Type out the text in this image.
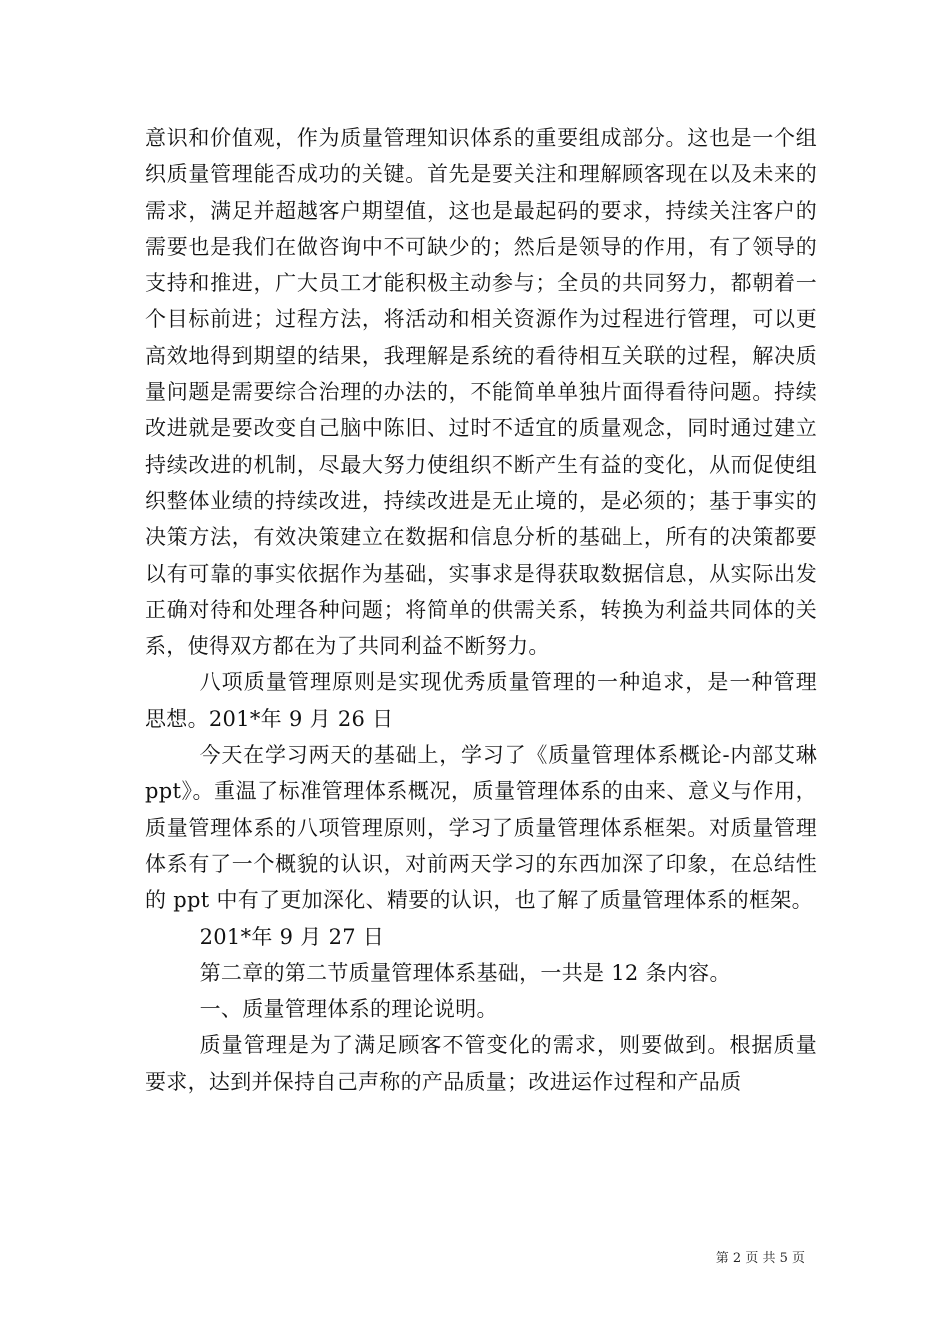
意识和价值观，作为质量管理知识体系的重要组成部分。这也是一个组织质量管理能否成功的关键。首先是要关注和理解顾客现在以及未来的需求，满足并超越客户期望值，这也是最起码的要求，持续关注客户的需要也是我们在做咨询中不可缺少的；然后是领导的作用，有了领导的支持和推进，广大员工才能积极主动参与；全员的共同努力，都朝着一个目标前进；过程方法，将活动和相关资源作为过程进行管理，可以更高效地得到期望的结果，我理解是系统的看待相互关联的过程，解决质量问题是需要综合治理的办法的，不能简单单独片面得看待问题。持续改进就是要改变自己脑中陈旧、过时不适宜的质量观念，同时通过建立持续改进的机制，尽最大努力使组织不断产生有益的变化，从而促使组织整体业绩的持续改进，持续改进是无止境的，是必须的；基于事实的决策方法，有效决策建立在数据和信息分析的基础上，所有的决策都要以有可靠的事实依据作为基础，实事求是得获取数据信息，从实际出发正确对待和处理各种问题；将简单的供需关系，转换为利益共同体的关系，使得双方都在为了共同利益不断努力。

八项质量管理原则是实现优秀质量管理的一种追求，是一种管理思想。201*年 9 月 26 日

今天在学习两天的基础上，学习了《质量管理体系概论-内部艾琳 ppt》。重温了标准管理体系概况，质量管理体系的由来、意义与作用，质量管理体系的八项管理原则，学习了质量管理体系框架。对质量管理体系有了一个概貌的认识，对前两天学习的东西加深了印象，在总结性的 ppt 中有了更加深化、精要的认识，也了解了质量管理体系的框架。

201*年 9 月 27 日

第二章的第二节质量管理体系基础，一共是 12 条内容。

一、质量管理体系的理论说明。

质量管理是为了满足顾客不管变化的需求，则要做到。根据质量要求，达到并保持自己声称的产品质量；改进运作过程和产品质

第 2 页 共 5 页
